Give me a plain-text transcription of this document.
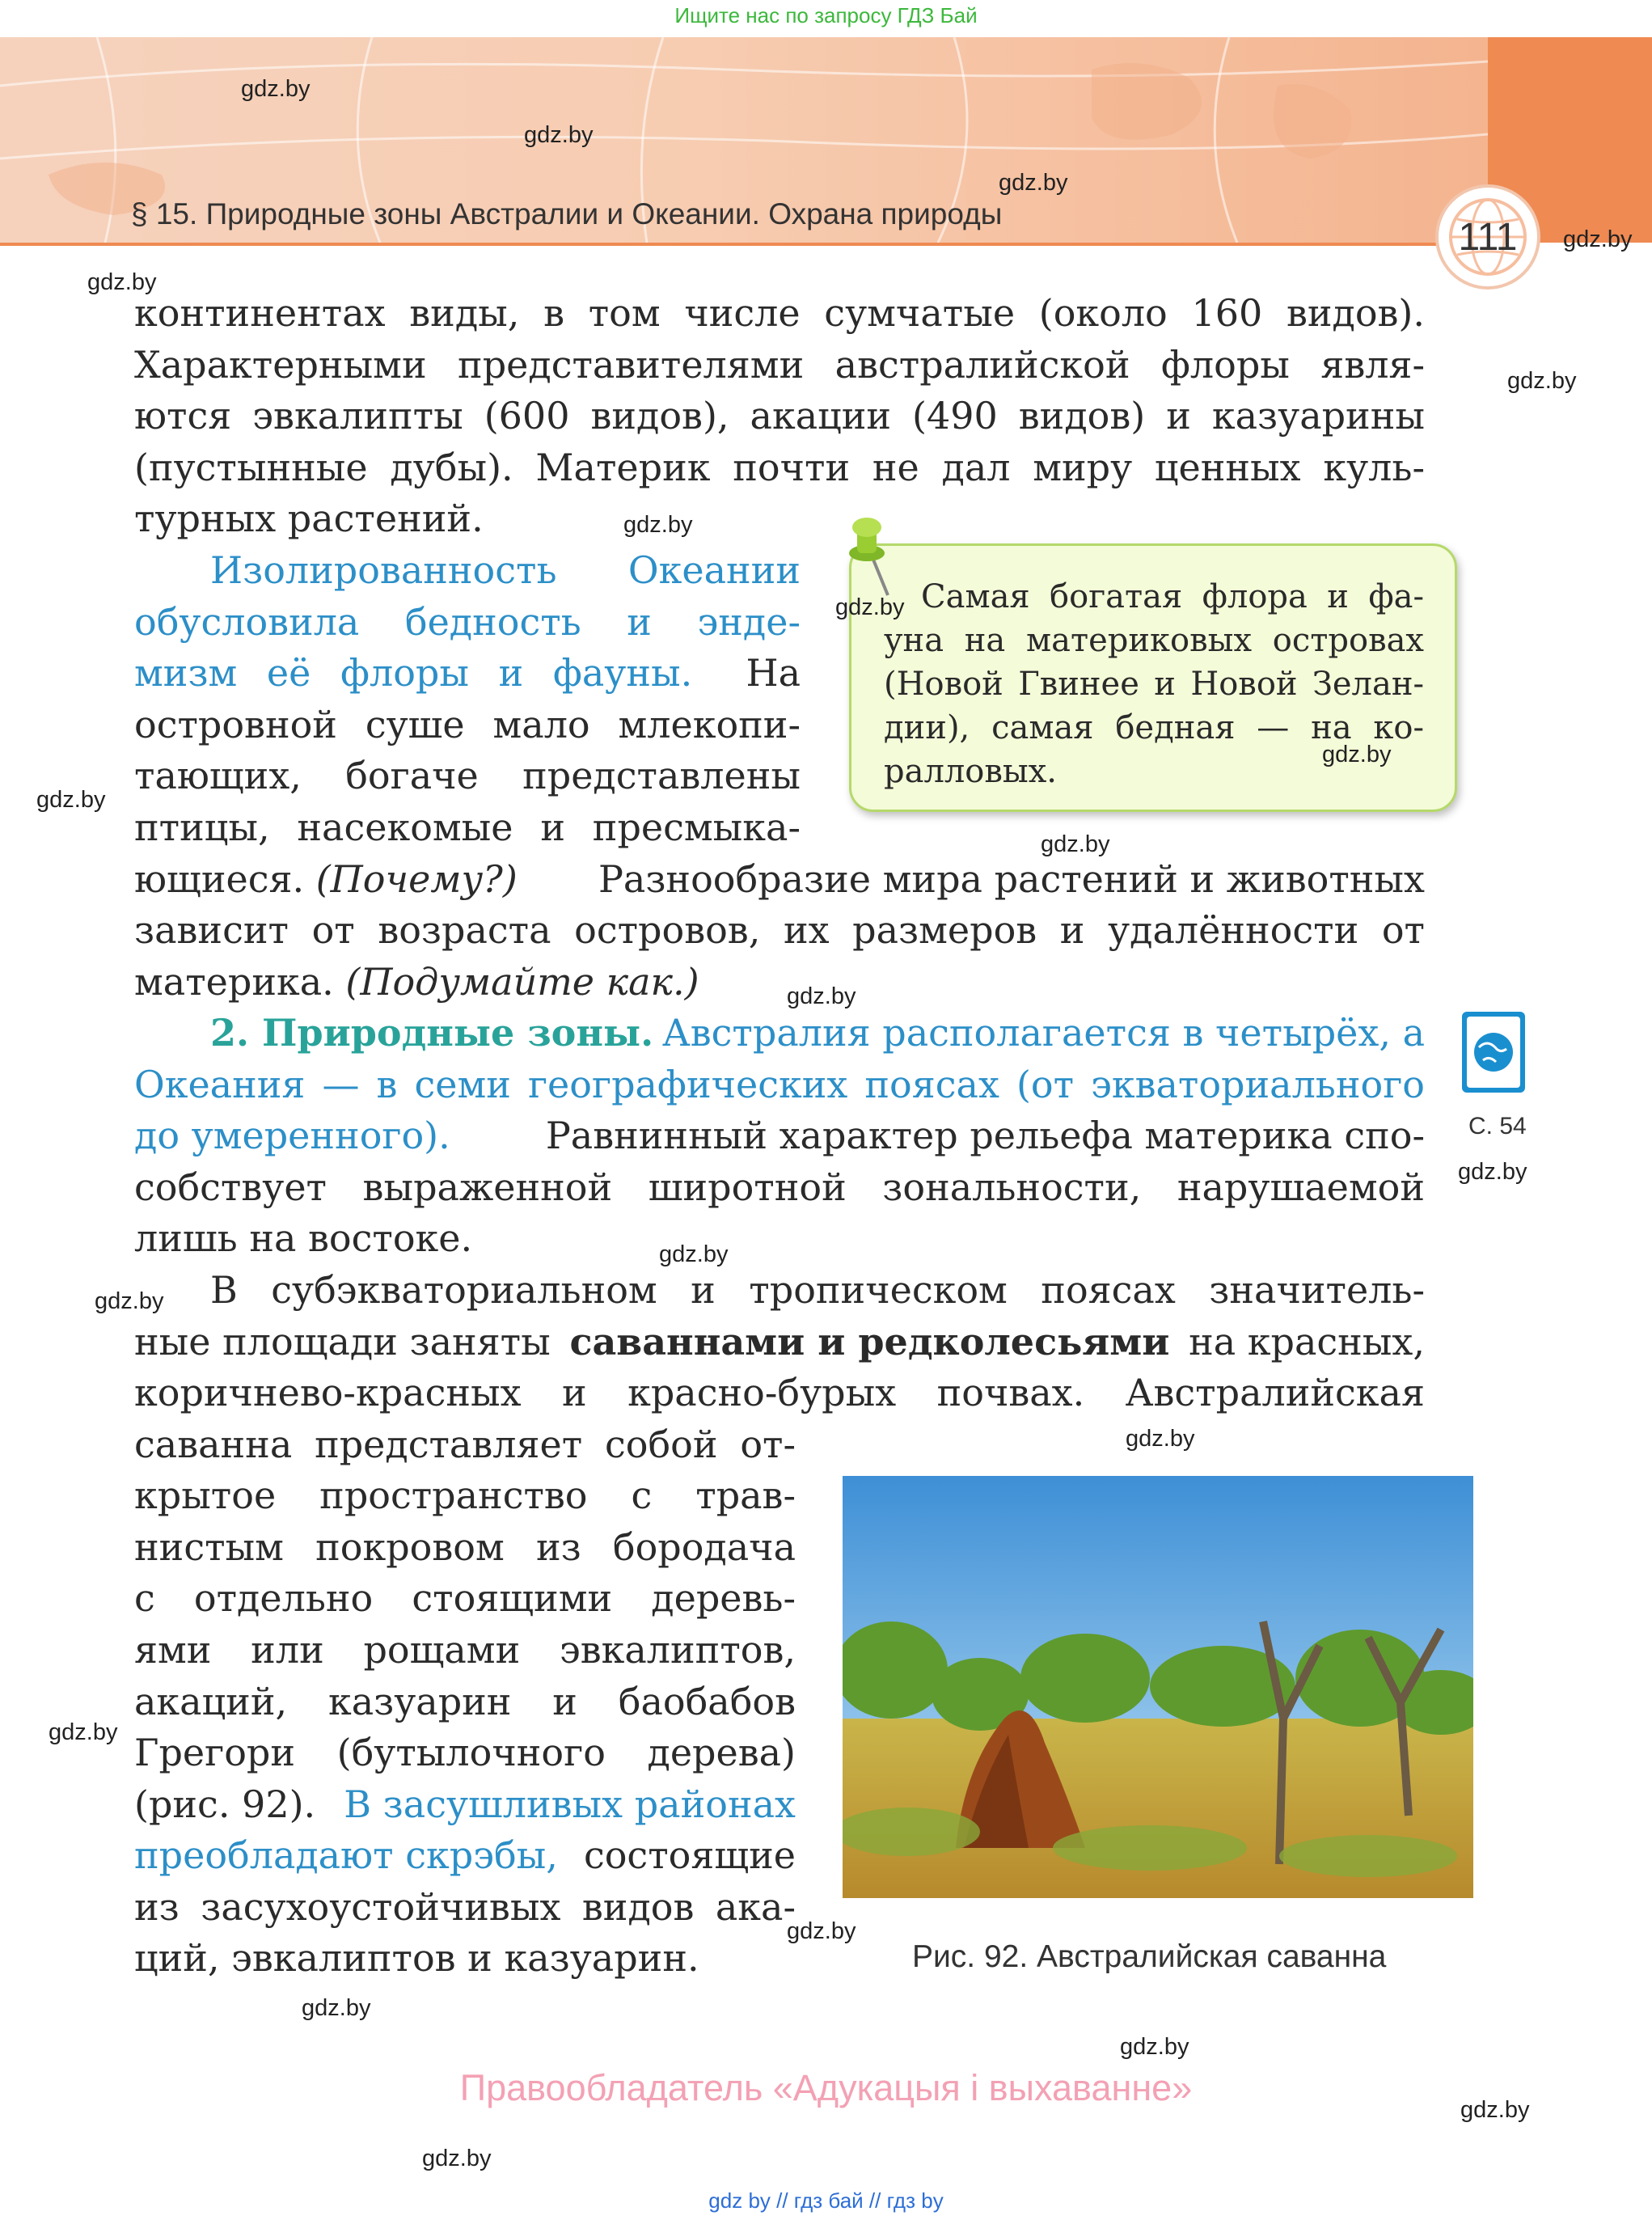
Ищите нас по запросу ГДЗ Бай
§ 15. Природные зоны Австралии и Океании. Охрана природы
111
gdz.by
gdz.by
gdz.by
gdz.by
gdz.by
gdz.by
gdz.by
gdz.by
gdz.by
gdz.by
gdz.by
gdz.by
gdz.by
gdz.by
gdz.by
gdz.by
gdz.by
gdz.by
gdz.by
gdz.by
gdz.by
gdz.by
континентах виды, в том числе сумчатые (около 160 видов).
Характерными представителями австралийской флоры явля-
ются эвкалипты (600 видов), акации (490 видов) и казуарины
(пустынные дубы). Материк почти не дал миру ценных куль-
турных растений.
Изолированность Океании
обусловила бедность и энде-
мизм её флоры и фауны. На
островной суше мало млекопи-
тающих, богаче представлены
птицы, насекомые и пресмыка-
ющиеся. (Почему?) Разнообразие мира растений и животных
зависит от возраста островов, их размеров и удалённости от
материка. (Подумайте как.)
2. Природные зоны. Австралия располагается в четырёх, а
Океания — в семи географических поясах (от экваториального
до умеренного).	Равнинный характер рельефа материка спо-
собствует выраженной широтной зональности, нарушаемой
лишь на востоке.
В субэкваториальном и тропическом поясах значитель-
ные площади заняты саваннами и редколесьями на красных,
коричнево-красных и красно-бурых почвах. Австралийская
саванна представляет собой от-
крытое пространство с трав-
нистым покровом из бородача
с отдельно стоящими деревь-
ями или рощами эвкалиптов,
акаций, казуарин и баобабов
Грегори (бутылочного дерева)
(рис. 92). В засушливых районах
преобладают скрэбы, состоящие
из засухоустойчивых видов ака-
ций, эвкалиптов и казуарин.
Самая богатая флора и фа-
уна на материковых островах
(Новой Гвинее и Новой Зелан-
дии), самая бедная — на ко-
ралловых.
С. 54
Рис. 92. Австралийская саванна
Правообладатель «Адукацыя і выхаванне»
gdz by // гдз бай // гдз by
